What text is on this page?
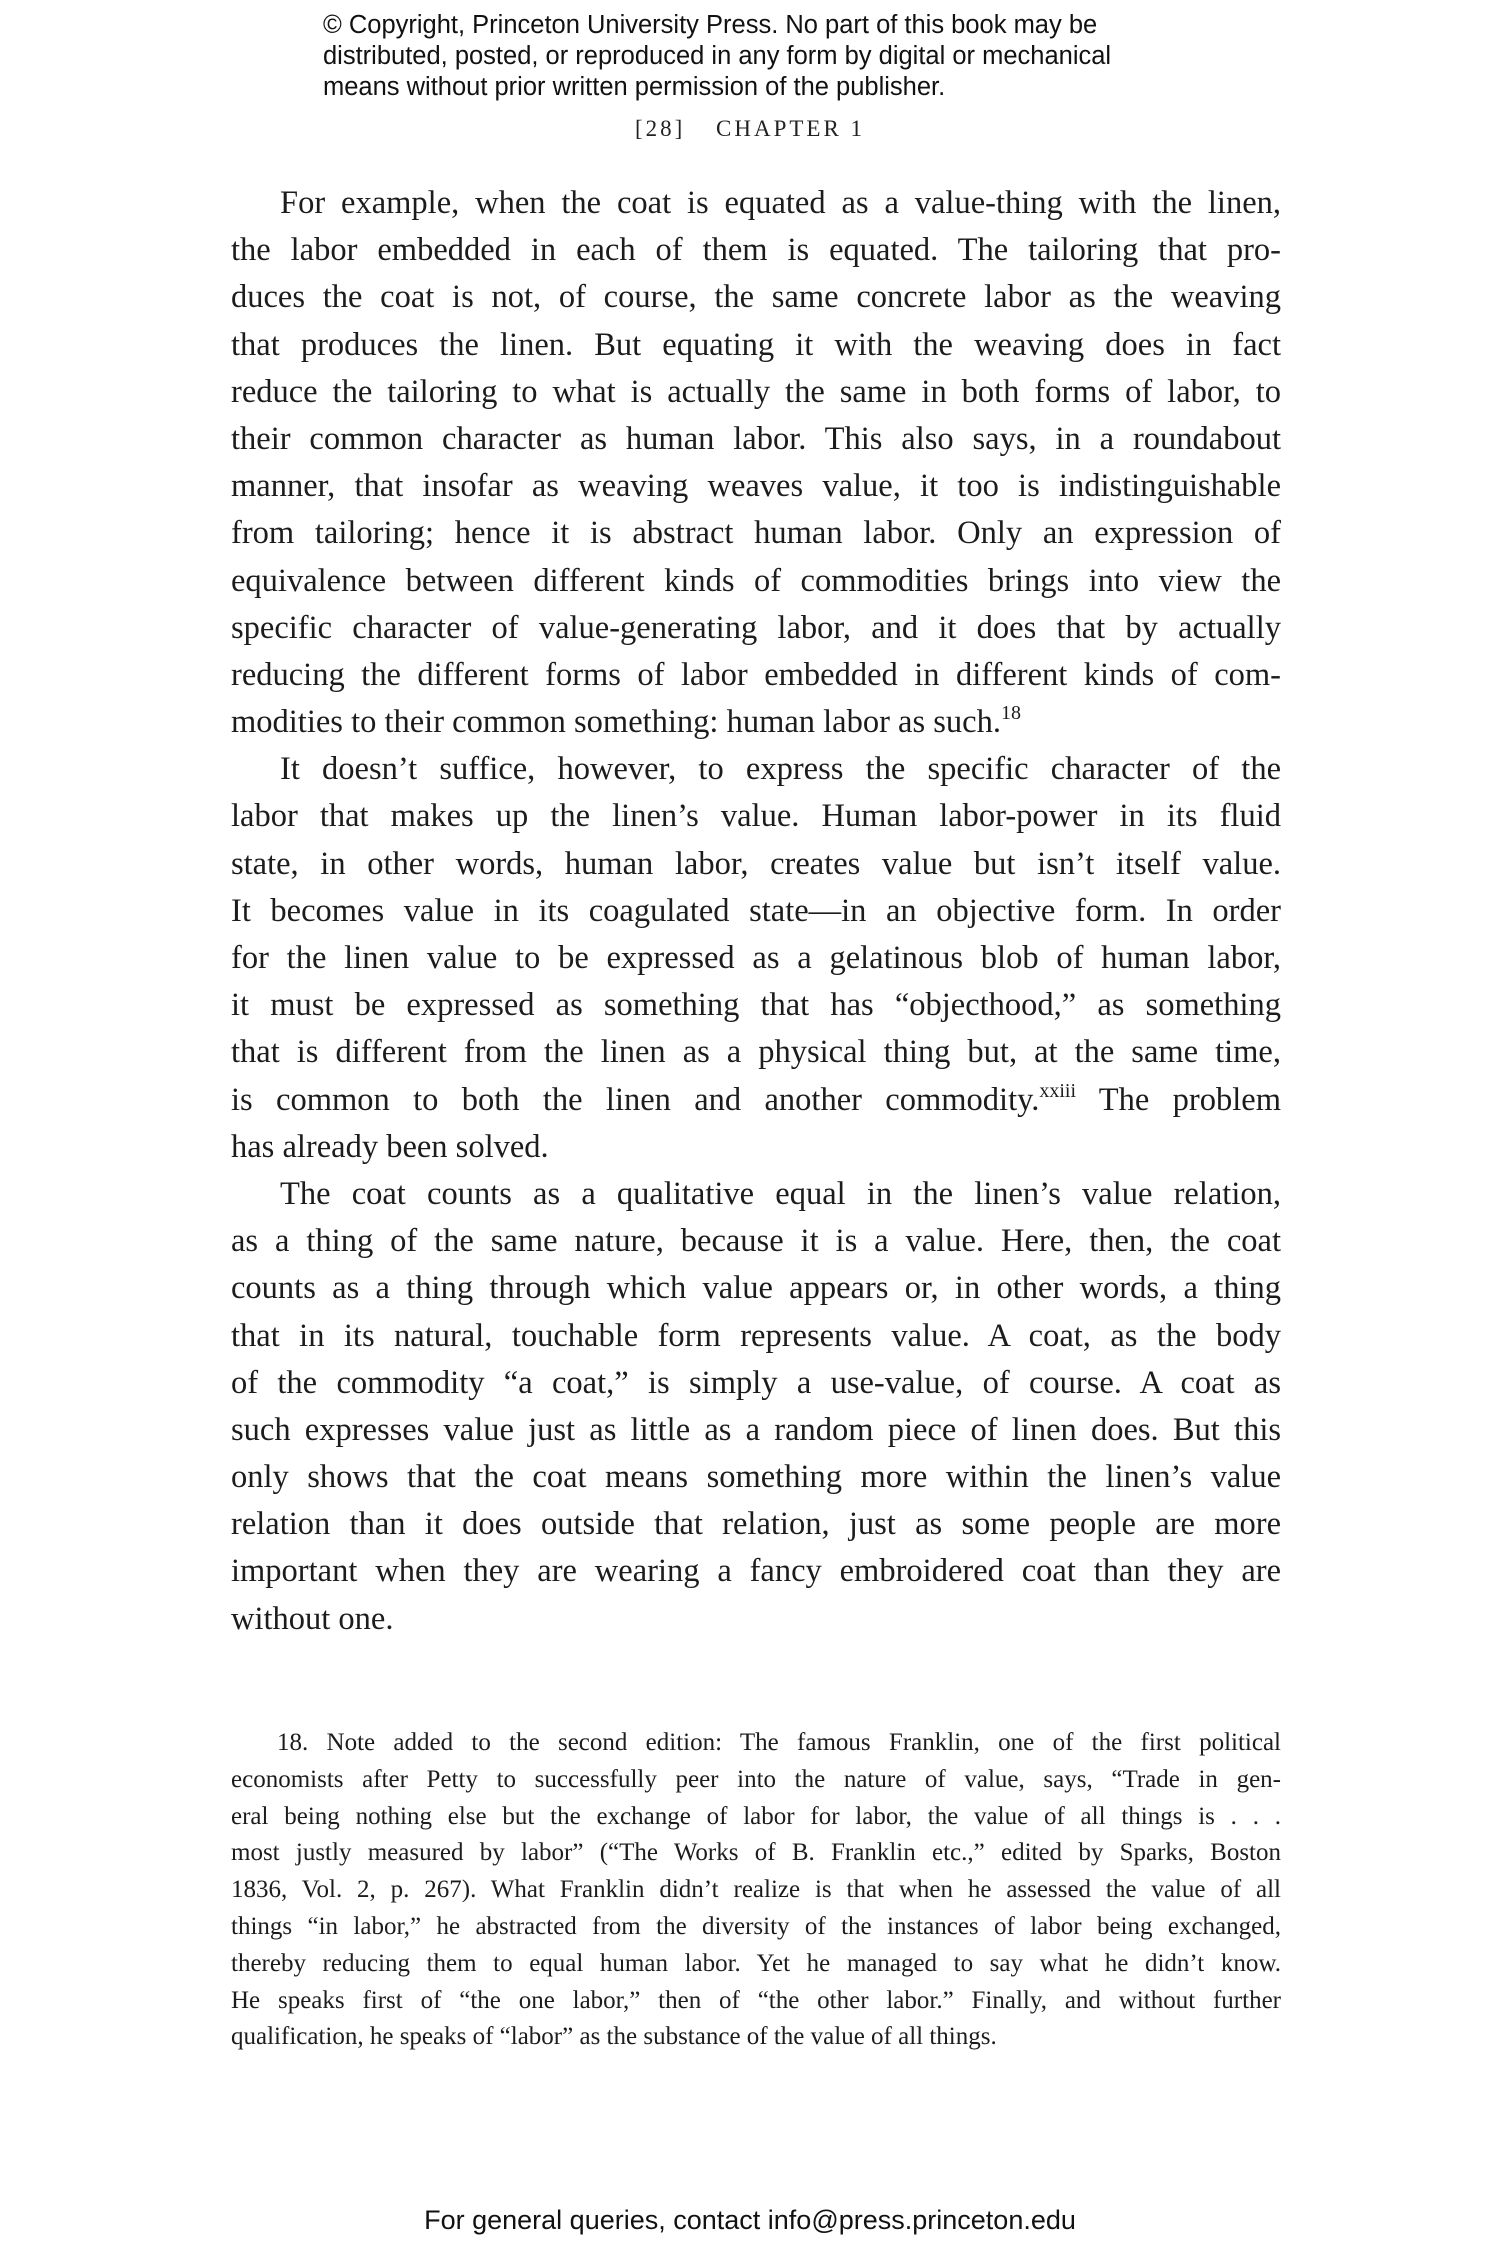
© Copyright, Princeton University Press. No part of this book may be
distributed, posted, or reproduced in any form by digital or mechanical
means without prior written permission of the publisher.
[28] CHAPTER 1
For example, when the coat is equated as a value-thing with the linen,
the labor embedded in each of them is equated. The tailoring that pro-
duces the coat is not, of course, the same concrete labor as the weaving
that produces the linen. But equating it with the weaving does in fact
reduce the tailoring to what is actually the same in both forms of labor, to
their common character as human labor. This also says, in a roundabout
manner, that insofar as weaving weaves value, it too is indistinguishable
from tailoring; hence it is abstract human labor. Only an expression of
equivalence between different kinds of commodities brings into view the
specific character of value-generating labor, and it does that by actually
reducing the different forms of labor embedded in different kinds of com-
modities to their common something: human labor as such.$^{18}$
It doesn’t suffice, however, to express the specific character of the
labor that makes up the linen’s value. Human labor-power in its fluid
state, in other words, human labor, creates value but isn’t itself value.
It becomes value in its coagulated state—in an objective form. In order
for the linen value to be expressed as a gelatinous blob of human labor,
it must be expressed as something that has “objecthood,” as something
that is different from the linen as a physical thing but, at the same time,
is common to both the linen and another commodity.$^{xxiii}$ The problem
has already been solved.
The coat counts as a qualitative equal in the linen’s value relation,
as a thing of the same nature, because it is a value. Here, then, the coat
counts as a thing through which value appears or, in other words, a thing
that in its natural, touchable form represents value. A coat, as the body
of the commodity “a coat,” is simply a use-value, of course. A coat as
such expresses value just as little as a random piece of linen does. But this
only shows that the coat means something more within the linen’s value
relation than it does outside that relation, just as some people are more
important when they are wearing a fancy embroidered coat than they are
without one.
18. Note added to the second edition: The famous Franklin, one of the first political
economists after Petty to successfully peer into the nature of value, says, “Trade in gen-
eral being nothing else but the exchange of labor for labor, the value of all things is . . .
most justly measured by labor” (“The Works of B. Franklin etc.,” edited by Sparks, Boston
1836, Vol. 2, p. 267). What Franklin didn’t realize is that when he assessed the value of all
things “in labor,” he abstracted from the diversity of the instances of labor being exchanged,
thereby reducing them to equal human labor. Yet he managed to say what he didn’t know.
He speaks first of “the one labor,” then of “the other labor.” Finally, and without further
qualification, he speaks of “labor” as the substance of the value of all things.
For general queries, contact info@press.princeton.edu
